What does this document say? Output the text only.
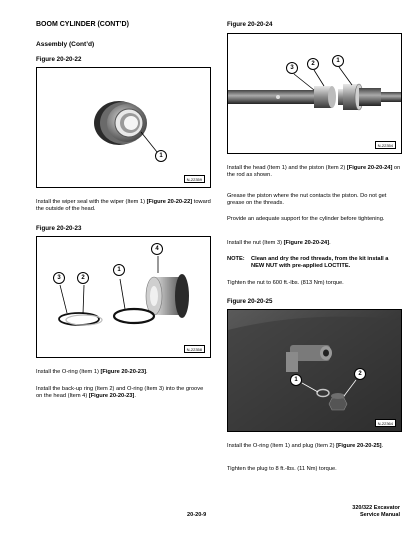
BOOM CYLINDER (CONT’D)
Assembly (Cont’d)
Figure 20-20-22
1
N-22359
Install the wiper seal with the wiper (Item 1) [Figure 20-20-22] toward the outside of the head.
Figure 20-20-23
4
3	2
1
N-22358
Install the O-ring (Item 1) [Figure 20-20-23].
Install the back-up ring (Item 2) and O-ring (Item 3) into the groove on the head (Item 4) [Figure 20-20-23].
Figure 20-20-24
3
2	1
N-22354
Install the head (Item 1) and the piston (Item 2) [Figure 20-20-24] on the rod as shown.
Grease the piston where the nut contacts the piston. Do not get grease on the threads.
Provide an adequate support for the cylinder before tightening.
Install the nut (Item 3) [Figure 20-20-24].
NOTE: Clean and dry the rod threads, from the kit install a NEW NUT with pre-applied LOCTITE.
Tighten the nut to 600 ft.-lbs. (813 Nm) torque.
Figure 20-20-25
1
2
N-22364
Install the O-ring (Item 1) and plug (Item 2) [Figure 20-20-25].
Tighten the plug to 8 ft.-lbs. (11 Nm) torque.
20-20-9
320/322 Excavator
Service Manual
